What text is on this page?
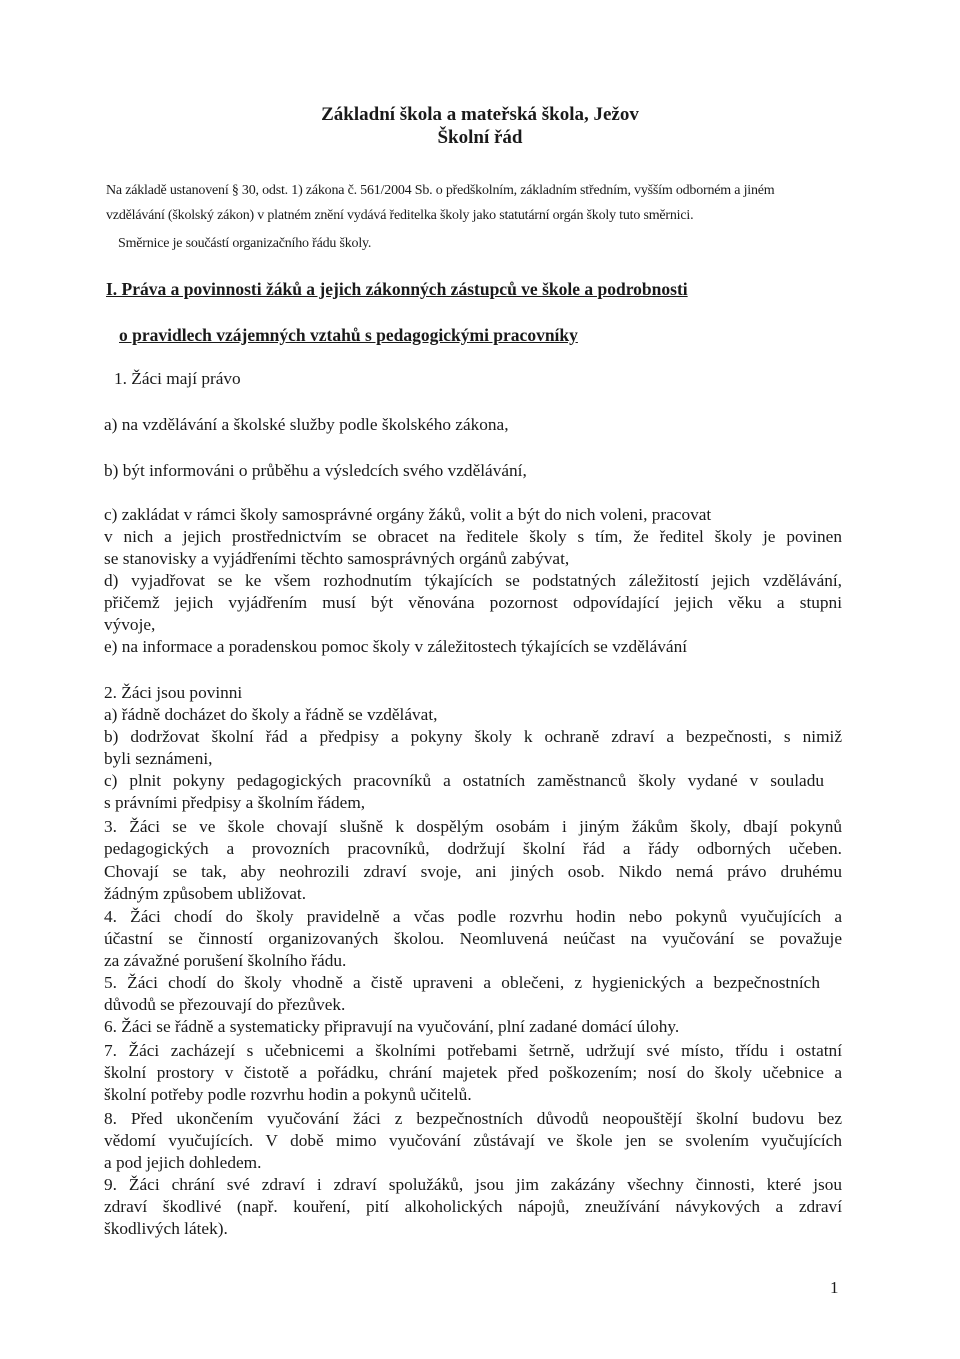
Základní škola a mateřská škola, Ježov
Školní řád
Na základě ustanovení § 30, odst. 1) zákona č. 561/2004 Sb. o předškolním, základním středním, vyšším odborném a jiném
vzdělávání (školský zákon) v platném znění vydává ředitelka školy jako statutární orgán školy tuto směrnici.
Směrnice je součástí organizačního řádu školy.
I. Práva a povinnosti žáků a jejich zákonných zástupců ve škole a podrobnosti
o pravidlech vzájemných vztahů s pedagogickými pracovníky
1. Žáci mají právo
a) na vzdělávání a školské služby podle školského zákona,
b) být informováni o průběhu a výsledcích svého vzdělávání,
c) zakládat v rámci školy samosprávné orgány žáků, volit a být do nich voleni, pracovat
v nich a jejich prostřednictvím se obracet na ředitele školy s tím, že ředitel školy je povinen
se stanovisky a vyjádřeními těchto samosprávných orgánů zabývat,
d) vyjadřovat se ke všem rozhodnutím týkajících se podstatných záležitostí jejich vzdělávání,
přičemž jejich vyjádřením musí být věnována pozornost odpovídající jejich věku a stupni
vývoje,
e) na informace a poradenskou pomoc školy v záležitostech týkajících se vzdělávání
2. Žáci jsou povinni
a) řádně docházet do školy a řádně se vzdělávat,
b) dodržovat školní řád a předpisy a pokyny školy k ochraně zdraví a bezpečnosti, s nimiž
byli seznámeni,
c) plnit pokyny pedagogických pracovníků a ostatních zaměstnanců školy vydané v souladu
s právními předpisy a školním řádem,
3. Žáci se ve škole chovají slušně k dospělým osobám i jiným žákům školy, dbají pokynů
pedagogických a provozních pracovníků, dodržují školní řád a řády odborných učeben.
Chovají se tak, aby neohrozili zdraví svoje, ani jiných osob. Nikdo nemá právo druhému
žádným způsobem ubližovat.
4. Žáci chodí do školy pravidelně a včas podle rozvrhu hodin nebo pokynů vyučujících a
účastní se činností organizovaných školou. Neomluvená neúčast na vyučování se považuje
za závažné porušení školního řádu.
5. Žáci chodí do školy vhodně a čistě upraveni a oblečeni, z hygienických a bezpečnostních
důvodů se přezouvají do přezůvek.
6. Žáci se řádně a systematicky připravují na vyučování, plní zadané domácí úlohy.
7. Žáci zacházejí s učebnicemi a školními potřebami šetrně, udržují své místo, třídu i ostatní
školní prostory v čistotě a pořádku, chrání majetek před poškozením; nosí do školy učebnice a
školní potřeby podle rozvrhu hodin a pokynů učitelů.
8. Před ukončením vyučování žáci z bezpečnostních důvodů neopouštějí školní budovu bez
vědomí vyučujících. V době mimo vyučování zůstávají ve škole jen se svolením vyučujících
a pod jejich dohledem.
9. Žáci chrání své zdraví i zdraví spolužáků, jsou jim zakázány všechny činnosti, které jsou
zdraví škodlivé (např. kouření, pití alkoholických nápojů, zneužívání návykových a zdraví
škodlivých látek).
1
